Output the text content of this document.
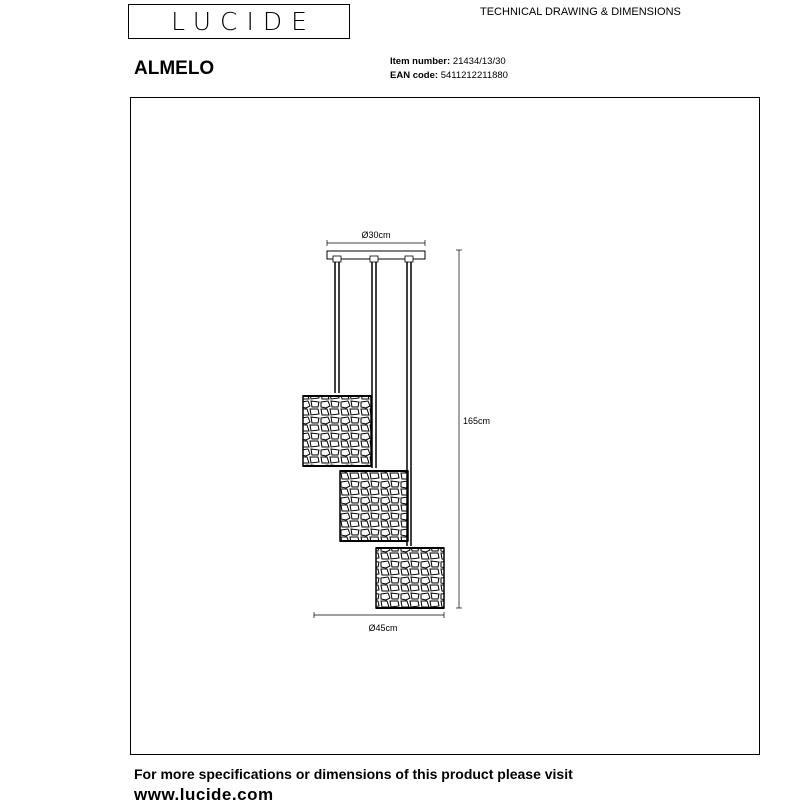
LUCIDE	TECHNICAL DRAWING & DIMENSIONS
ALMELO	Item number: 21434/13/30
EAN code: 5411212211880
Ø30cm
165cm
Ø45cm
For more specifications or dimensions of this product please visit
www.lucide.com
